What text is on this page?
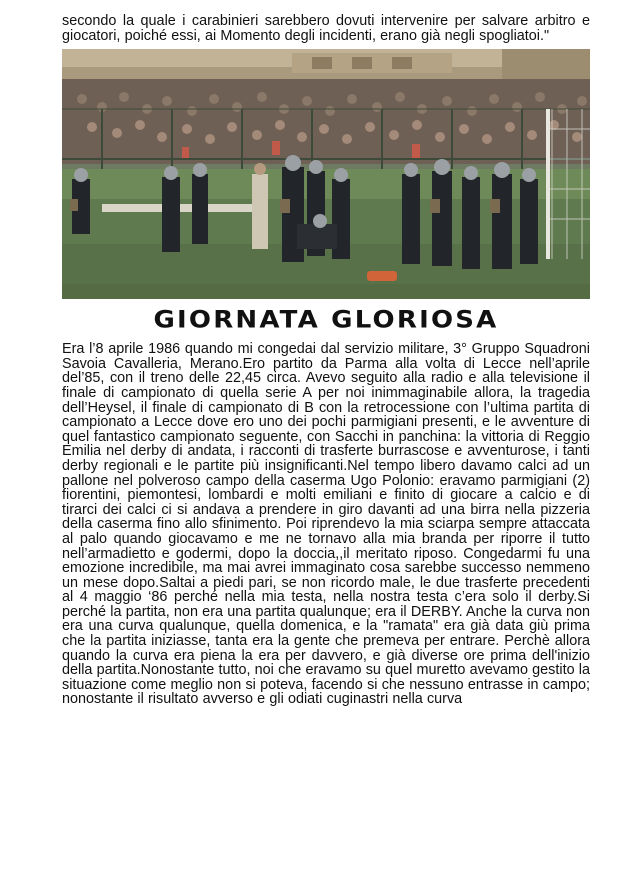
secondo la quale i carabinieri sarebbero dovuti intervenire per salvare arbitro e giocatori, poiché essi, ai Momento degli incidenti, erano già negli spogliatoi."

GIORNATA GLORIOSA

Era l’8 aprile 1986 quando mi congedai dal servizio militare, 3° Gruppo Squadroni Savoia Cavalleria, Merano.Ero partito da Parma alla volta di Lecce nell’aprile del’85, con il treno delle 22,45 circa. Avevo seguito alla radio e alla televisione il finale di campionato di quella serie A per noi inimmaginabile allora, la tragedia dell’Heysel, il finale di campionato di B con la retrocessione con l’ultima partita di campionato a Lecce dove ero uno dei pochi parmigiani presenti, e le avventure di quel fantastico campionato seguente, con Sacchi in panchina: la vittoria di Reggio Emilia nel derby di andata, i racconti di trasferte burrascose e avventurose, i tanti derby regionali e le partite più insignificanti.Nel tempo libero davamo calci ad un pallone nel polveroso campo della caserma Ugo Polonio: eravamo parmigiani (2) fiorentini, piemontesi, lombardi e molti emiliani e finito di giocare a calcio e di tirarci dei calci ci si andava a prendere in giro davanti ad una birra nella pizzeria della caserma fino allo sfinimento. Poi riprendevo la mia sciarpa sempre attaccata al palo quando giocavamo e me ne tornavo alla mia branda per riporre il tutto nell’armadietto e godermi, dopo la doccia,,il meritato riposo. Congedarmi fu una emozione incredibile, ma mai avrei immaginato cosa sarebbe successo nemmeno un mese dopo.Saltai a piedi pari, se non ricordo male, le due trasferte precedenti al 4 maggio ‘86 perché nella mia testa, nella nostra testa c’era solo il derby.Si perché la partita, non era una partita qualunque; era il DERBY. Anche la curva non era una curva qualunque, quella domenica, e la "ramata" era già data giù prima che la partita iniziasse, tanta era la gente che premeva per entrare. Perchè allora quando la curva era piena la era per davvero, e già diverse ore prima dell'inizio della partita.Nonostante tutto, noi che eravamo su quel muretto avevamo gestito la situazione come meglio non si poteva, facendo si che nessuno entrasse in campo; nonostante il risultato avverso e gli odiati cuginastri nella curva
